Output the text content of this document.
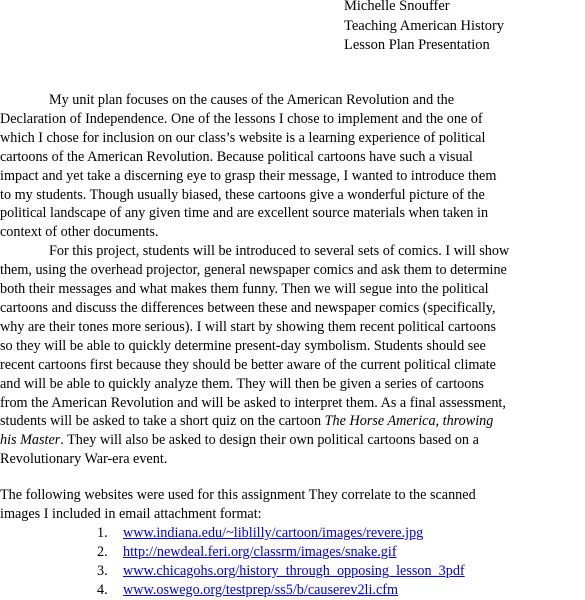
Michelle Snouffer
Teaching American History
Lesson Plan Presentation

My unit plan focuses on the causes of the American Revolution and the
Declaration of Independence. One of the lessons I chose to implement and the one of
which I chose for inclusion on our class’s website is a learning experience of political
cartoons of the American Revolution. Because political cartoons have such a visual
impact and yet take a discerning eye to grasp their message, I wanted to introduce them
to my students. Though usually biased, these cartoons give a wonderful picture of the
political landscape of any given time and are excellent source materials when taken in
context of other documents.

For this project, students will be introduced to several sets of comics. I will show
them, using the overhead projector, general newspaper comics and ask them to determine
both their messages and what makes them funny. Then we will segue into the political
cartoons and discuss the differences between these and newspaper comics (specifically,
why are their tones more serious). I will start by showing them recent political cartoons
so they will be able to quickly determine present-day symbolism. Students should see
recent cartoons first because they should be better aware of the current political climate
and will be able to quickly analyze them. They will then be given a series of cartoons
from the American Revolution and will be asked to interpret them. As a final assessment,
students will be asked to take a short quiz on the cartoon The Horse America, throwing
his Master. They will also be asked to design their own political cartoons based on a
Revolutionary War-era event.

The following websites were used for this assignment They correlate to the scanned
images I included in email attachment format:

1.	www.indiana.edu/~liblilly/cartoon/images/revere.jpg
2.	http://newdeal.feri.org/classrm/images/snake.gif
3.	www.chicagohs.org/history_through_opposing_lesson_3pdf
4.	www.oswego.org/testprep/ss5/b/causerev2li.cfm
